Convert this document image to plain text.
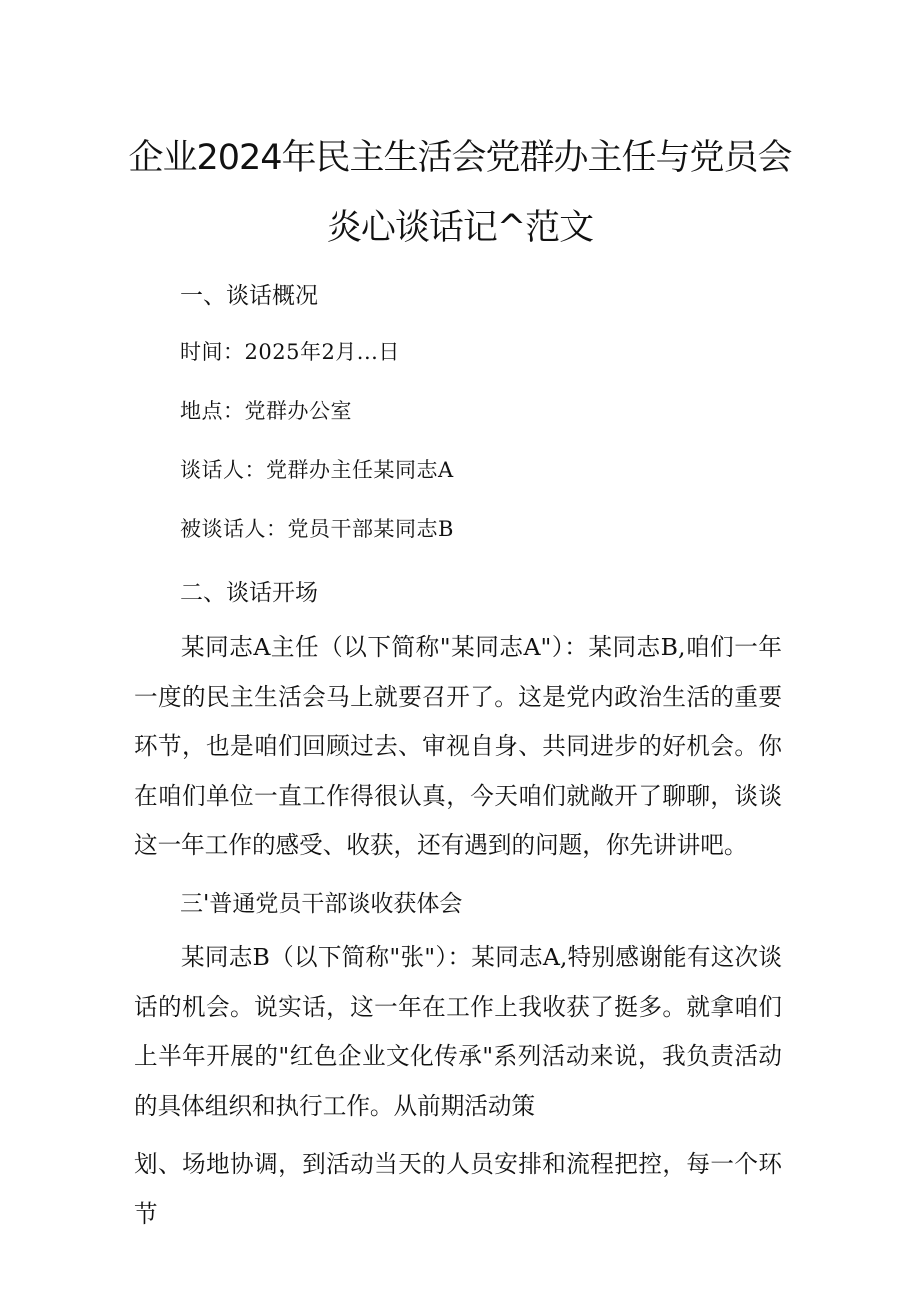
企业2024年民主生活会党群办主任与党员会
炎心谈话记^范文
一、谈话概况

时间：2025年2月...日

地点：党群办公室

谈话人：党群办主任某同志A

被谈话人：党员干部某同志B

二、谈话开场

某同志A主任（以下简称"某同志A"）：某同志B,咱们一年一度的民主生活会马上就要召开了。这是党内政治生活的重要环节，也是咱们回顾过去、审视自身、共同进步的好机会。你在咱们单位一直工作得很认真，今天咱们就敞开了聊聊，谈谈这一年工作的感受、收获，还有遇到的问题，你先讲讲吧。

三'普通党员干部谈收获体会

某同志B（以下简称"张"）：某同志A,特别感谢能有这次谈话的机会。说实话，这一年在工作上我收获了挺多。就拿咱们上半年开展的"红色企业文化传承"系列活动来说，我负责活动的具体组织和执行工作。从前期活动策

划、场地协调，到活动当天的人员安排和流程把控，每一个环节
